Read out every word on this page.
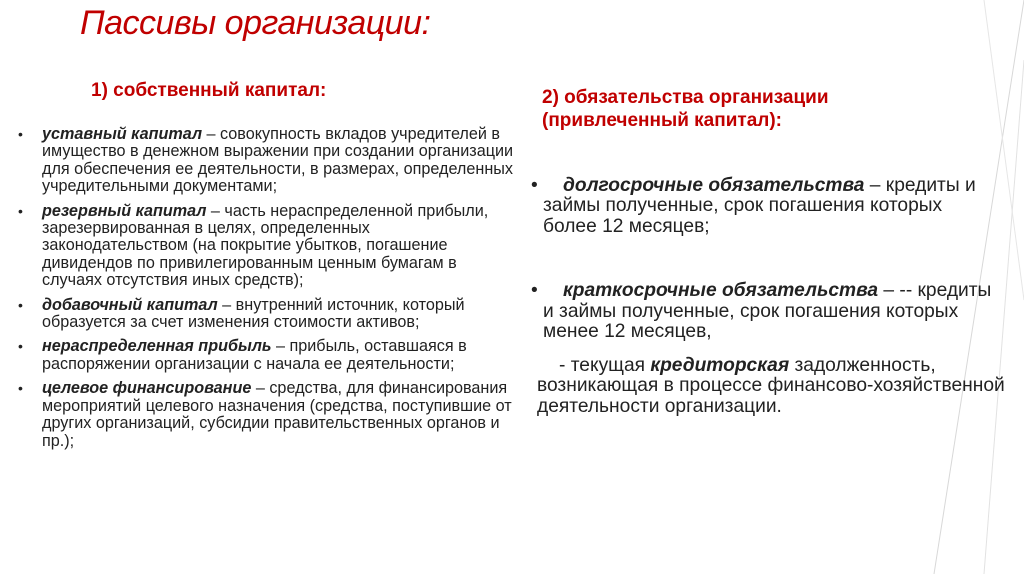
Пассивы организации:
1) собственный капитал:	2) обязательства организации
(привлеченный капитал):
• уставный капитал – совокупность вкладов учредителей в имущество в денежном выражении при создании организации для обеспечения ее деятельности, в размерах, определенных учредительными документами;
• резервный капитал – часть нераспределенной прибыли, зарезервированная в целях, определенных законодательством (на покрытие убытков, погашение дивидендов по привилегированным ценным бумагам в случаях отсутствия иных средств);
• добавочный капитал – внутренний источник, который образуется за счет изменения стоимости активов;
• нераспределенная прибыль – прибыль, оставшаяся в распоряжении организации с начала ее деятельности;
• целевое финансирование – средства, для финансирования мероприятий целевого назначения (средства, поступившие от других организаций, субсидии правительственных органов и пр.);
• долгосрочные обязательства – кредиты и займы полученные, срок погашения которых более 12 месяцев;
• краткосрочные обязательства – -- кредиты и займы полученные, срок погашения которых менее 12 месяцев,
- текущая кредиторская задолженность, возникающая в процессе финансово-хозяйственной деятельности организации.
